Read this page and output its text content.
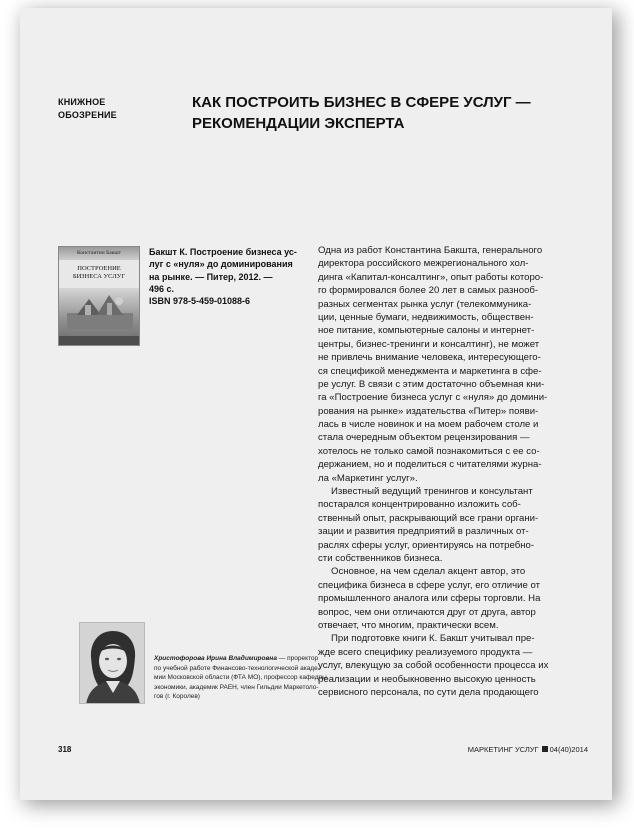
КНИЖНОЕ
ОБОЗРЕНИЕ
КАК ПОСТРОИТЬ БИЗНЕС В СФЕРЕ УСЛУГ —
РЕКОМЕНДАЦИИ ЭКСПЕРТА
Константин Бакшт
ПОСТРОЕНИЕ
БИЗНЕСА УСЛУГ
Бакшт К. Построение бизнеса ус-
луг с «нуля» до доминирования
на рынке. — Питер, 2012. —
496 с.
ISBN 978-5-459-01088-6
Одна из работ Константина Бакшта, генерального
директора российского межрегионального хол-
динга «Капитал-консалтинг», опыт работы которо-
го формировался более 20 лет в самых разнооб-
разных сегментах рынка услуг (телекоммуника-
ции, ценные бумаги, недвижимость, обществен-
ное питание, компьютерные салоны и интернет-
центры, бизнес-тренинги и консалтинг), не может
не привлечь внимание человека, интересующего-
ся спецификой менеджмента и маркетинга в сфе-
ре услуг. В связи с этим достаточно объемная кни-
га «Построение бизнеса услуг с «нуля» до домини-
рования на рынке» издательства «Питер» появи-
лась в числе новинок и на моем рабочем столе и
стала очередным объектом рецензирования —
хотелось не только самой познакомиться с ее со-
держанием, но и поделиться с читателями журна-
ла «Маркетинг услуг».
Известный ведущий тренингов и консультант
постарался концентрированно изложить соб-
ственный опыт, раскрывающий все грани органи-
зации и развития предприятий в различных от-
раслях сферы услуг, ориентируясь на потребно-
сти собственников бизнеса.
Основное, на чем сделал акцент автор, это
специфика бизнеса в сфере услуг, его отличие от
промышленного аналога или сферы торговли. На
вопрос, чем они отличаются друг от друга, автор
отвечает, что многим, практически всем.
При подготовке книги К. Бакшт учитывал пре-
жде всего специфику реализуемого продукта —
услуг, влекущую за собой особенности процесса их
реализации и необыкновенно высокую ценность
сервисного персонала, по сути дела продающего
Христофорова Ирина Владимировна — проректор
по учебной работе Финансово-технологической акаде-
мии Московской области (ФТА МО), профессор кафедры
экономики, академик РАЕН, член Гильдии Маркетоло-
гов (г. Королев)
318	МАРКЕТИНГ УСЛУГ 04(40)2014
